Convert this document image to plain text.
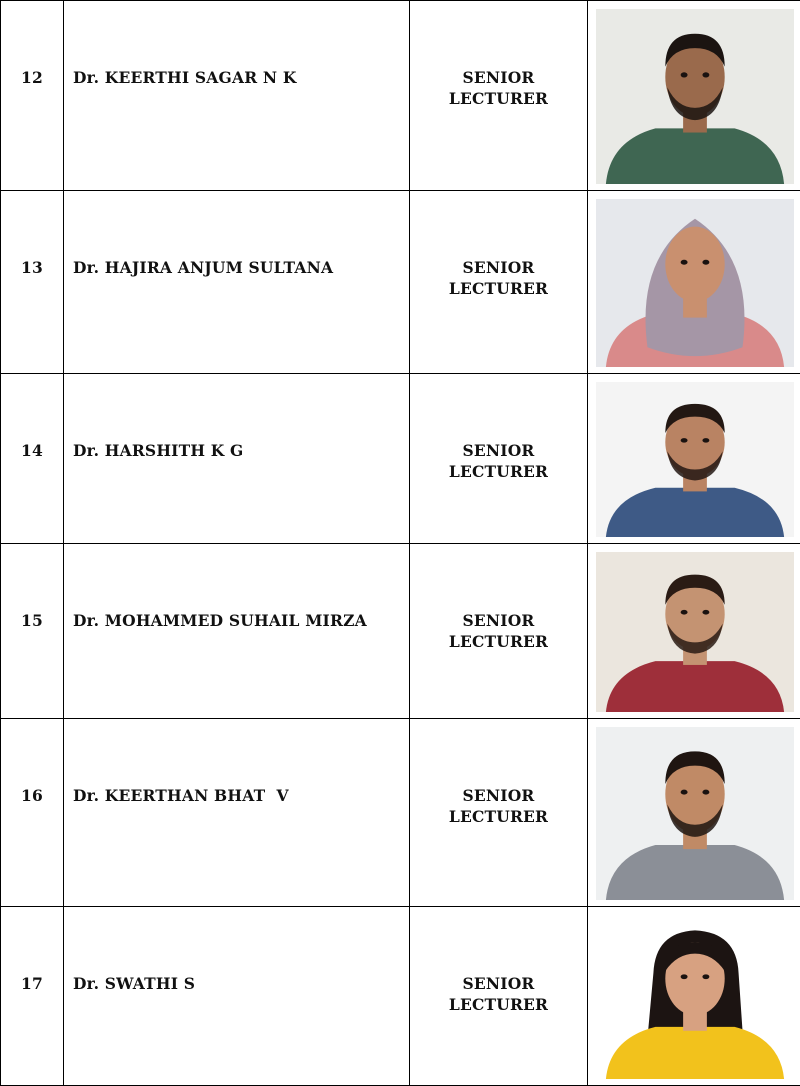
12	Dr. KEERTHI SAGAR N K	SENIOR
LECTURER

13	Dr. HAJIRA ANJUM SULTANA	SENIOR
LECTURER

14	Dr. HARSHITH K G	SENIOR
LECTURER

15	Dr. MOHAMMED SUHAIL MIRZA	SENIOR
LECTURER

16	Dr. KEERTHAN BHAT  V	SENIOR
LECTURER

17	Dr. SWATHI S	SENIOR
LECTURER
